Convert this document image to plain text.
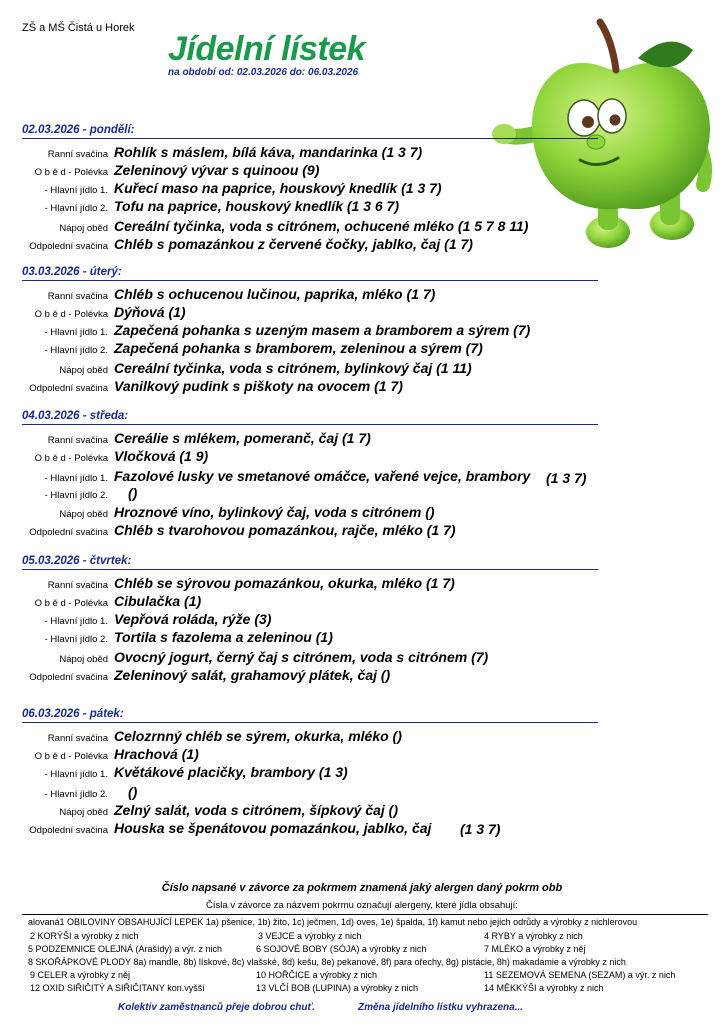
ZŠ a MŠ Čistá u Horek
Jídelní lístek
na období od: 02.03.2026 do: 06.03.2026
02.03.2026 - pondělí:
Ranní svačina Rohlík s máslem, bílá káva, mandarinka (1 3 7)
O b ě d - Polévka Zeleninový vývar s quinoou (9)
- Hlavní jídlo 1. Kuřecí maso na paprice, houskový knedlík (1 3 7)
- Hlavní jídlo 2. Tofu na paprice, houskový knedlík (1 3 6 7)
Nápoj oběd Cereální tyčinka, voda s citrónem, ochucené mléko (1 5 7 8 11)
Odpolední svačina Chléb s pomazánkou z červené čočky, jablko, čaj (1 7)
03.03.2026 - úterý:
Ranní svačina Chléb s ochucenou lučinou, paprika, mléko (1 7)
O b ě d - Polévka Dýňová (1)
- Hlavní jídlo 1. Zapečená pohanka s uzeným masem a bramborem a sýrem (7)
- Hlavní jídlo 2. Zapečená pohanka s bramborem, zeleninou a sýrem (7)
Nápoj oběd Cereální tyčinka, voda s citrónem, bylinkový čaj (1 11)
Odpolední svačina Vanilkový pudink s piškoty na ovocem (1 7)
04.03.2026 - středa:
Ranní svačina Cereálie s mlékem, pomeranč, čaj (1 7)
O b ě d - Polévka Vločková (1 9)
- Hlavní jídlo 1. Fazolové lusky ve smetanové omáčce, vařené vejce, brambory (1 3 7)
- Hlavní jídlo 2. ()
Nápoj oběd Hroznové víno, bylinkový čaj, voda s citrónem ()
Odpolední svačina Chléb s tvarohovou pomazánkou, rajče, mléko (1 7)
05.03.2026 - čtvrtek:
Ranní svačina Chléb se sýrovou pomazánkou, okurka, mléko (1 7)
O b ě d - Polévka Cibulačka (1)
- Hlavní jídlo 1. Vepřová roláda, rýže (3)
- Hlavní jídlo 2. Tortila s fazolema a zeleninou (1)
Nápoj oběd Ovocný jogurt, černý čaj s citrónem, voda s citrónem (7)
Odpolední svačina Zeleninový salát, grahamový plátek, čaj ()
06.03.2026 - pátek:
Ranní svačina Celozrnný chléb se sýrem, okurka, mléko ()
O b ě d - Polévka Hrachová (1)
- Hlavní jídlo 1. Květákové placičky, brambory (1 3)
- Hlavní jídlo 2. ()
Nápoj oběd Zelný salát, voda s citrónem, šípkový čaj ()
Odpolední svačina Houska se špenátovou pomazánkou, jablko, čaj (1 3 7)
Číslo napsané v závorce za pokrmem znamená jaký alergen daný pokrm obb
Čísla v závorce za názvem pokrmu označují alergeny, které jídla obsahují:
alovaná1 OBILOVINY OBSAHUJÍCÍ LEPEK 1a) pšenice, 1b) žito, 1c) ječmen, 1d) oves, 1e) špalda, 1f) kamut nebo jejich odrůdy a výrobky z nichlerovou
2 KORÝŠI a výrobky z nich	3 VEJCE a výrobky z nich	4 RYBY a výrobky z nich
5 PODZEMNICE OLEJNÁ (Arašídy) a výr. z nich	6 SOJOVÉ BOBY (SÓJA) a výrobky z nich	7 MLÉKO a výrobky z něj
8 SKOŘÁPKOVÉ PLODY 8a) mandle, 8b) lískové, 8c) vlašské, 8d) kešu, 8e) pekanové, 8f) para ořechy, 8g) pistácie, 8h) makadamie a výrobky z nich
9 CELER a výrobky z něj	10 HOŘČICE a výrobky z nich	11 SEZEMOVÁ SEMENA (SEZAM) a výr. z nich
12 OXID SIŘIČITÝ A SIŘIČITANY kon.vyšší	13 VLČÍ BOB (LUPINA) a výrobky z nich	14 MĚKKÝŠI a výrobky z nich
Kolektiv zaměstnanců přeje dobrou chuť.	Změna jídelního lístku vyhrazena...
